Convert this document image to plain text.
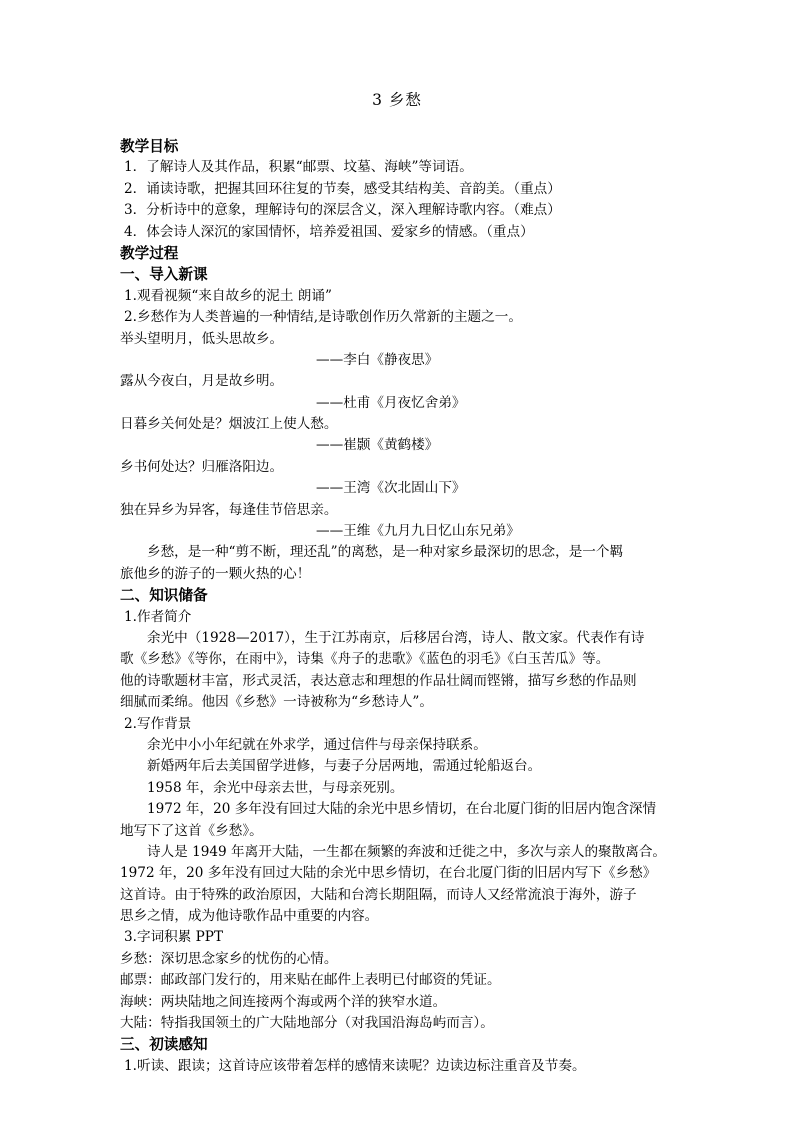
3 乡愁
教学目标
1．了解诗人及其作品，积累“邮票、坟墓、海峡”等词语。
2．诵读诗歌，把握其回环往复的节奏，感受其结构美、音韵美。（重点）
3．分析诗中的意象，理解诗句的深层含义，深入理解诗歌内容。（难点）
4．体会诗人深沉的家国情怀，培养爱祖国、爱家乡的情感。（重点）
教学过程
一、导入新课
1.观看视频“来自故乡的泥土 朗诵”
2.乡愁作为人类普遍的一种情结,是诗歌创作历久常新的主题之一。
举头望明月，低头思故乡。
——李白《静夜思》
露从今夜白，月是故乡明。
——杜甫《月夜忆舍弟》
日暮乡关何处是？烟波江上使人愁。
——崔颢《黄鹤楼》
乡书何处达？归雁洛阳边。
——王湾《次北固山下》
独在异乡为异客，每逢佳节倍思亲。
——王维《九月九日忆山东兄弟》
乡愁，是一种“剪不断，理还乱”的离愁，是一种对家乡最深切的思念，是一个羁
旅他乡的游子的一颗火热的心！
二、知识储备
1.作者简介
余光中（1928—2017），生于江苏南京，后移居台湾，诗人、散文家。代表作有诗
歌《乡愁》《等你，在雨中》，诗集《舟子的悲歌》《蓝色的羽毛》《白玉苦瓜》等。
他的诗歌题材丰富，形式灵活，表达意志和理想的作品壮阔而铿锵，描写乡愁的作品则
细腻而柔绵。他因《乡愁》一诗被称为“乡愁诗人”。
2.写作背景
余光中小小年纪就在外求学，通过信件与母亲保持联系。
新婚两年后去美国留学进修，与妻子分居两地，需通过轮船返台。
1958 年，余光中母亲去世，与母亲死别。
1972 年，20 多年没有回过大陆的余光中思乡情切，在台北厦门街的旧居内饱含深情
地写下了这首《乡愁》。
诗人是 1949 年离开大陆，一生都在频繁的奔波和迁徙之中，多次与亲人的聚散离合。
1972 年，20 多年没有回过大陆的余光中思乡情切，在台北厦门街的旧居内写下《乡愁》
这首诗。由于特殊的政治原因，大陆和台湾长期阻隔，而诗人又经常流浪于海外，游子
思乡之情，成为他诗歌作品中重要的内容。
3.字词积累 PPT
乡愁：深切思念家乡的忧伤的心情。
邮票：邮政部门发行的，用来贴在邮件上表明已付邮资的凭证。
海峡：两块陆地之间连接两个海或两个洋的狭窄水道。
大陆：特指我国领土的广大陆地部分（对我国沿海岛屿而言）。
三、初读感知
1.听读、跟读；这首诗应该带着怎样的感情来读呢？边读边标注重音及节奏。
